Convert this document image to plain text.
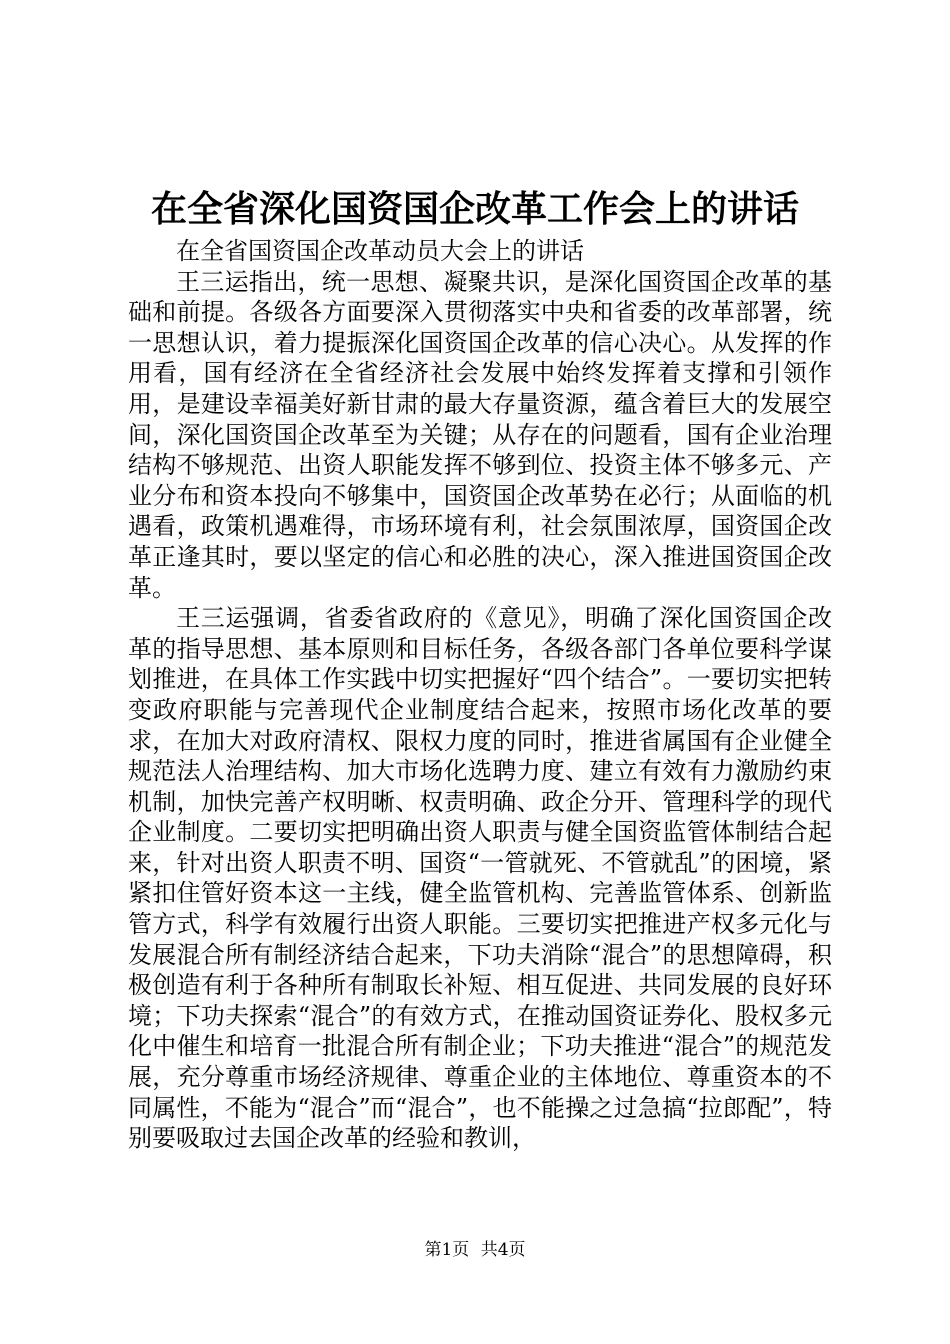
在全省深化国资国企改革工作会上的讲话

在全省国资国企改革动员大会上的讲话

王三运指出，统一思想、凝聚共识，是深化国资国企改革的基础和前提。各级各方面要深入贯彻落实中央和省委的改革部署，统一思想认识，着力提振深化国资国企改革的信心决心。从发挥的作用看，国有经济在全省经济社会发展中始终发挥着支撑和引领作用，是建设幸福美好新甘肃的最大存量资源，蕴含着巨大的发展空间，深化国资国企改革至为关键；从存在的问题看，国有企业治理结构不够规范、出资人职能发挥不够到位、投资主体不够多元、产业分布和资本投向不够集中，国资国企改革势在必行；从面临的机遇看，政策机遇难得，市场环境有利，社会氛围浓厚，国资国企改革正逢其时，要以坚定的信心和必胜的决心，深入推进国资国企改革。

王三运强调，省委省政府的《意见》，明确了深化国资国企改革的指导思想、基本原则和目标任务，各级各部门各单位要科学谋划推进，在具体工作实践中切实把握好“四个结合”。一要切实把转变政府职能与完善现代企业制度结合起来，按照市场化改革的要求，在加大对政府清权、限权力度的同时，推进省属国有企业健全规范法人治理结构、加大市场化选聘力度、建立有效有力激励约束机制，加快完善产权明晰、权责明确、政企分开、管理科学的现代企业制度。二要切实把明确出资人职责与健全国资监管体制结合起来，针对出资人职责不明、国资“一管就死、不管就乱”的困境，紧紧扣住管好资本这一主线，健全监管机构、完善监管体系、创新监管方式，科学有效履行出资人职能。三要切实把推进产权多元化与发展混合所有制经济结合起来，下功夫消除“混合”的思想障碍，积极创造有利于各种所有制取长补短、相互促进、共同发展的良好环境；下功夫探索“混合”的有效方式，在推动国资证券化、股权多元化中催生和培育一批混合所有制企业；下功夫推进“混合”的规范发展，充分尊重市场经济规律、尊重企业的主体地位、尊重资本的不同属性，不能为“混合”而“混合”，也不能操之过急搞“拉郎配”，特别要吸取过去国企改革的经验和教训，

第1页 共4页
